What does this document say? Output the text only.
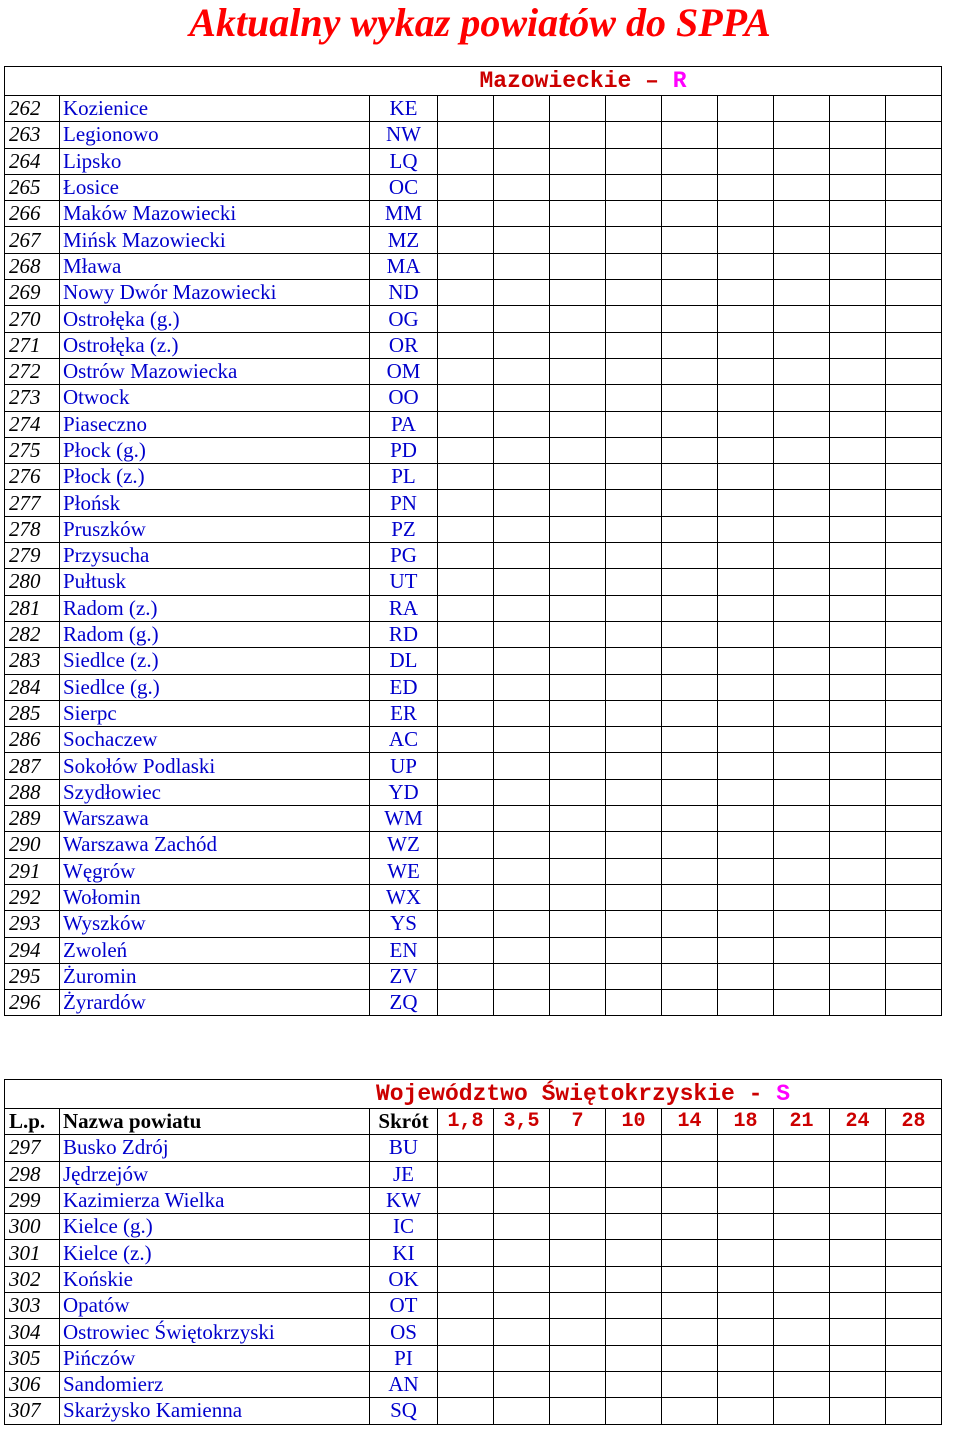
Aktualny wykaz powiatów do SPPA
Mazowieckie – R											
262	Kozienice	KE									
263	Legionowo	NW									
264	Lipsko	LQ									
265	Łosice	OC									
266	Maków Mazowiecki	MM									
267	Mińsk Mazowiecki	MZ									
268	Mława	MA									
269	Nowy Dwór Mazowiecki	ND									
270	Ostrołęka (g.)	OG									
271	Ostrołęka (z.)	OR									
272	Ostrów Mazowiecka	OM									
273	Otwock	OO									
274	Piaseczno	PA									
275	Płock (g.)	PD									
276	Płock (z.)	PL									
277	Płońsk	PN									
278	Pruszków	PZ									
279	Przysucha	PG									
280	Pułtusk	UT									
281	Radom (z.)	RA									
282	Radom (g.)	RD									
283	Siedlce (z.)	DL									
284	Siedlce (g.)	ED									
285	Sierpc	ER									
286	Sochaczew	AC									
287	Sokołów Podlaski	UP									
288	Szydłowiec	YD									
289	Warszawa	WM									
290	Warszawa Zachód	WZ									
291	Węgrów	WE									
292	Wołomin	WX									
293	Wyszków	YS									
294	Zwoleń	EN									
295	Żuromin	ZV									
296	Żyrardów	ZQ									
Województwo Świętokrzyskie - S											
L.p.	Nazwa powiatu	Skrót	1,8	3,5	7	10	14	18	21	24	28
297	Busko Zdrój	BU									
298	Jędrzejów	JE									
299	Kazimierza Wielka	KW									
300	Kielce (g.)	IC									
301	Kielce (z.)	KI									
302	Końskie	OK									
303	Opatów	OT									
304	Ostrowiec Świętokrzyski	OS									
305	Pińczów	PI									
306	Sandomierz	AN									
307	Skarżysko Kamienna	SQ									
